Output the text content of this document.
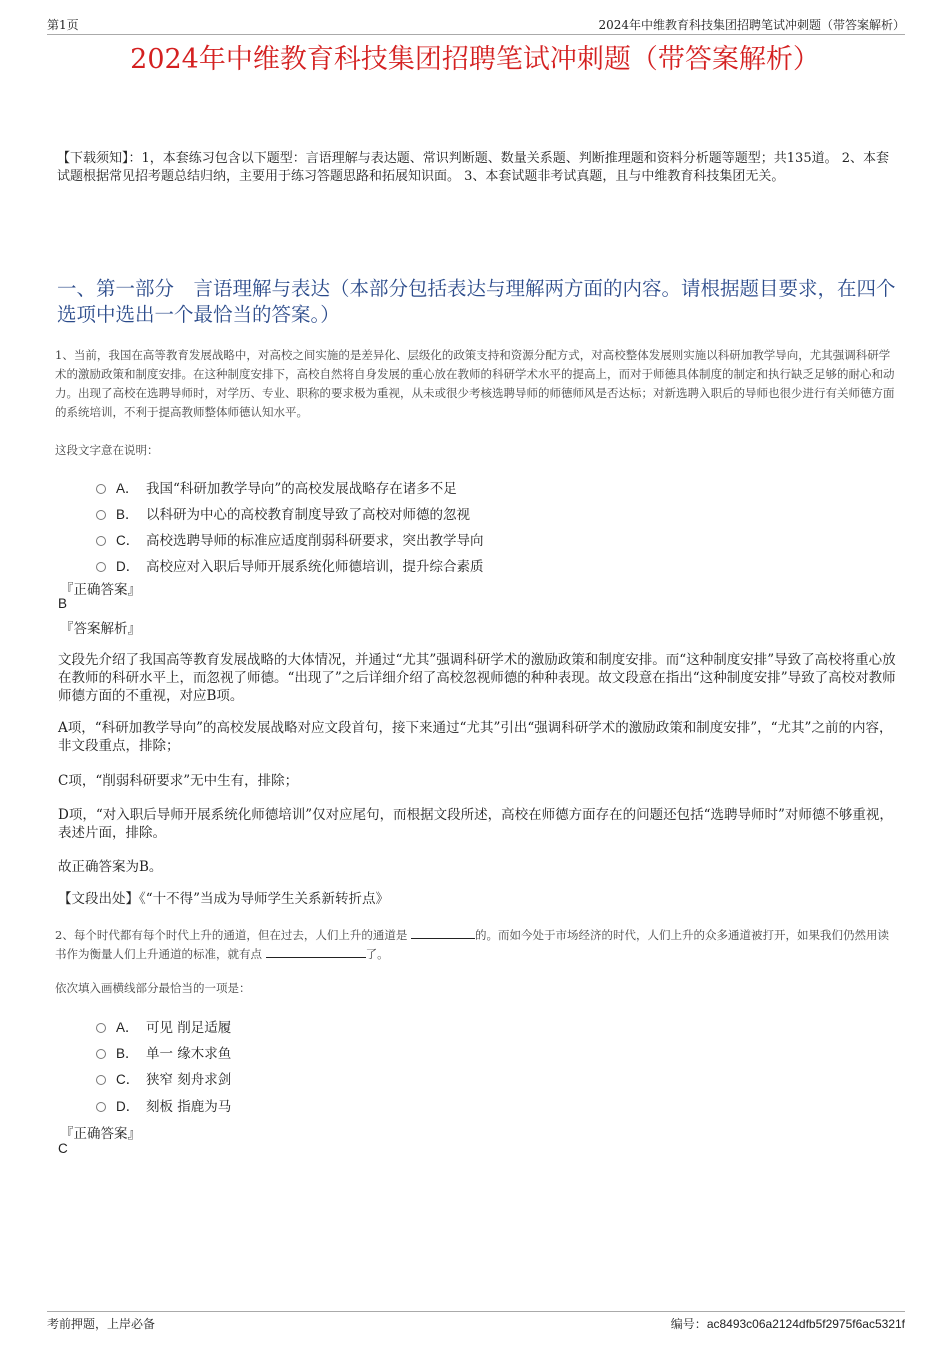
第1页	2024年中维教育科技集团招聘笔试冲刺题（带答案解析）
2024年中维教育科技集团招聘笔试冲刺题（带答案解析）
【下载须知】：1，本套练习包含以下题型：言语理解与表达题、常识判断题、数量关系题、判断推理题和资料分析题等题型；共135道。 2、本套试题根据常见招考题总结归纳，主要用于练习答题思路和拓展知识面。 3、本套试题非考试真题，且与中维教育科技集团无关。
一、第一部分　言语理解与表达（本部分包括表达与理解两方面的内容。请根据题目要求，在四个选项中选出一个最恰当的答案。）
1、当前，我国在高等教育发展战略中，对高校之间实施的是差异化、层级化的政策支持和资源分配方式，对高校整体发展则实施以科研加教学导向，尤其强调科研学术的激励政策和制度安排。在这种制度安排下，高校自然将自身发展的重心放在教师的科研学术水平的提高上，而对于师德具体制度的制定和执行缺乏足够的耐心和动力。出现了高校在选聘导师时，对学历、专业、职称的要求极为重视，从未或很少考核选聘导师的师德师风是否达标；对新选聘入职后的导师也很少进行有关师德方面的系统培训，不利于提高教师整体师德认知水平。
这段文字意在说明：
A． 我国“科研加教学导向”的高校发展战略存在诸多不足
B． 以科研为中心的高校教育制度导致了高校对师德的忽视
C． 高校选聘导师的标准应适度削弱科研要求，突出教学导向
D． 高校应对入职后导师开展系统化师德培训，提升综合素质
『正确答案』
B
『答案解析』
文段先介绍了我国高等教育发展战略的大体情况，并通过“尤其”强调科研学术的激励政策和制度安排。而“这种制度安排”导致了高校将重心放在教师的科研水平上，而忽视了师德。“出现了”之后详细介绍了高校忽视师德的种种表现。故文段意在指出“这种制度安排”导致了高校对教师师德方面的不重视，对应B项。
A项，“科研加教学导向”的高校发展战略对应文段首句，接下来通过“尤其”引出“强调科研学术的激励政策和制度安排”，“尤其”之前的内容，非文段重点，排除；
C项，“削弱科研要求”无中生有，排除；
D项，“对入职后导师开展系统化师德培训”仅对应尾句，而根据文段所述，高校在师德方面存在的问题还包括“选聘导师时”对师德不够重视，表述片面，排除。
故正确答案为B。
【文段出处】《“十不得”当成为导师学生关系新转折点》
2、每个时代都有每个时代上升的通道，但在过去，人们上升的通道是	的。而如今处于市场经济的时代，人们上升的众多通道被打开，如果我们仍然用读书作为衡量人们上升通道的标准，就有点	了。
依次填入画横线部分最恰当的一项是：
A． 可见 削足适履
B． 单一 缘木求鱼
C． 狭窄 刻舟求剑
D． 刻板 指鹿为马
『正确答案』
C
考前押题，上岸必备	编号：ac8493c06a2124dfb5f2975f6ac5321f
